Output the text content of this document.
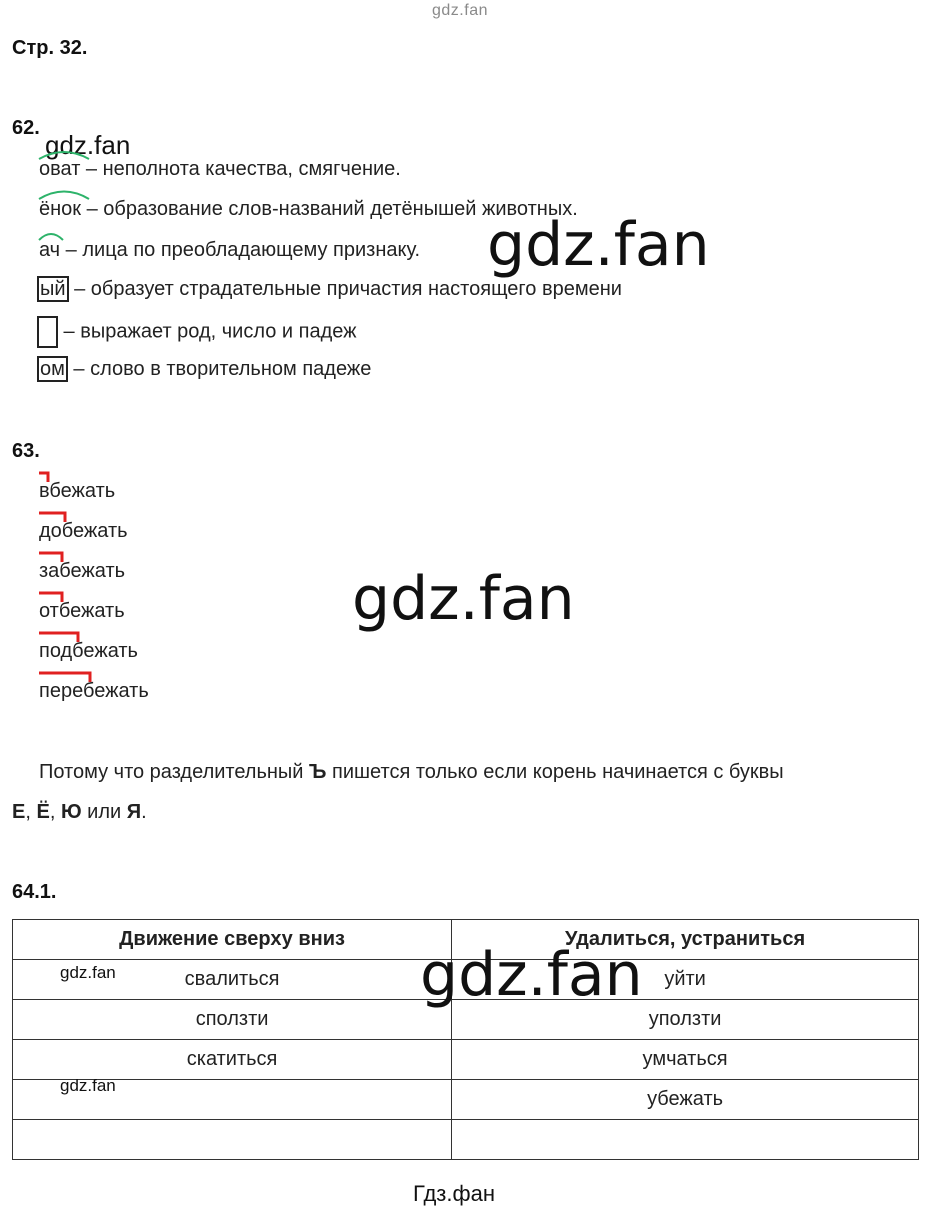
gdz.fan
Стр. 32.
62.
gdz.fan
оват – неполнота качества, смягчение.
ёнок – образование слов-названий детёнышей животных.
ач – лица по преобладающему признаку.
ый – образует страдательные причастия настоящего времени
– выражает род, число и падеж
ом – слово в творительном падеже
gdz.fan
63.
вбежать
добежать
забежать
отбежать
подбежать
перебежать
gdz.fan
Потому что разделительный Ъ пишется только если корень начинается с буквы
Е, Ё, Ю или Я.
64.1.
Движение сверху вниз	Удалиться, устраниться
свалиться	уйти
сползти	уползти
скатиться	умчаться
	убежать

gdz.fan
gdz.fan
gdz.fan
Гдз.фан
